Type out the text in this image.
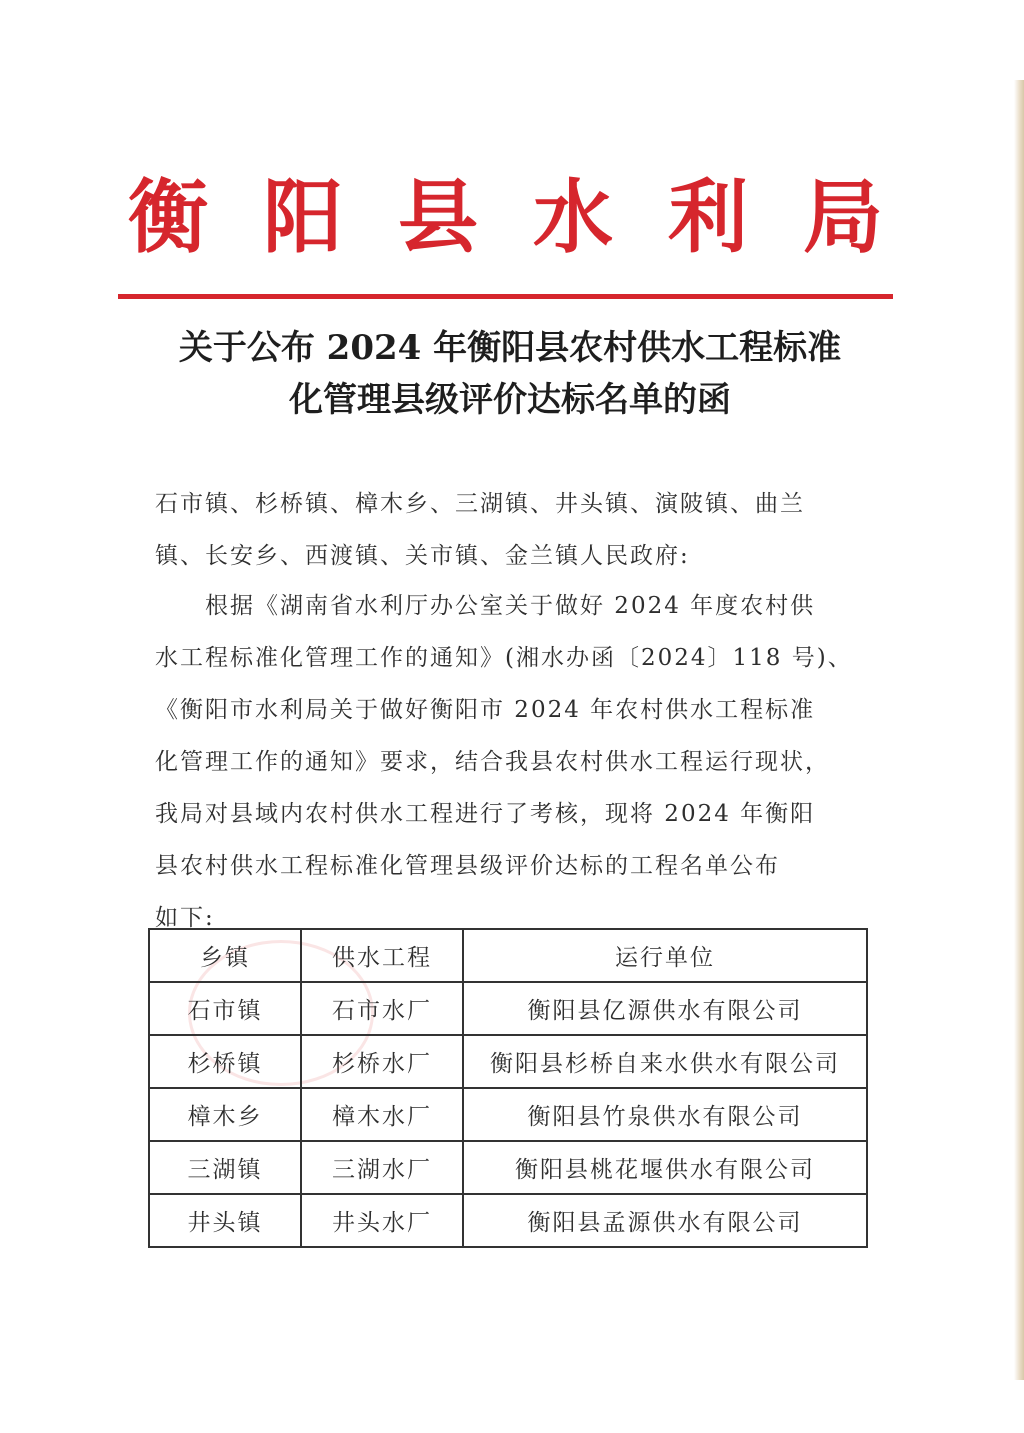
衡 阳 县 水 利 局
关于公布 2024 年衡阳县农村供水工程标准
化管理县级评价达标名单的函
石市镇、杉桥镇、樟木乡、三湖镇、井头镇、演陂镇、曲兰
镇、长安乡、西渡镇、关市镇、金兰镇人民政府:
根据《湖南省水利厅办公室关于做好 2024 年度农村供
水工程标准化管理工作的通知》(湘水办函〔2024〕118 号)、
《衡阳市水利局关于做好衡阳市 2024 年农村供水工程标准
化管理工作的通知》要求，结合我县农村供水工程运行现状，
我局对县域内农村供水工程进行了考核，现将 2024 年衡阳
县农村供水工程标准化管理县级评价达标的工程名单公布
如下:
乡镇	供水工程	运行单位
石市镇	石市水厂	衡阳县亿源供水有限公司
杉桥镇	杉桥水厂	衡阳县杉桥自来水供水有限公司
樟木乡	樟木水厂	衡阳县竹泉供水有限公司
三湖镇	三湖水厂	衡阳县桃花堰供水有限公司
井头镇	井头水厂	衡阳县孟源供水有限公司
